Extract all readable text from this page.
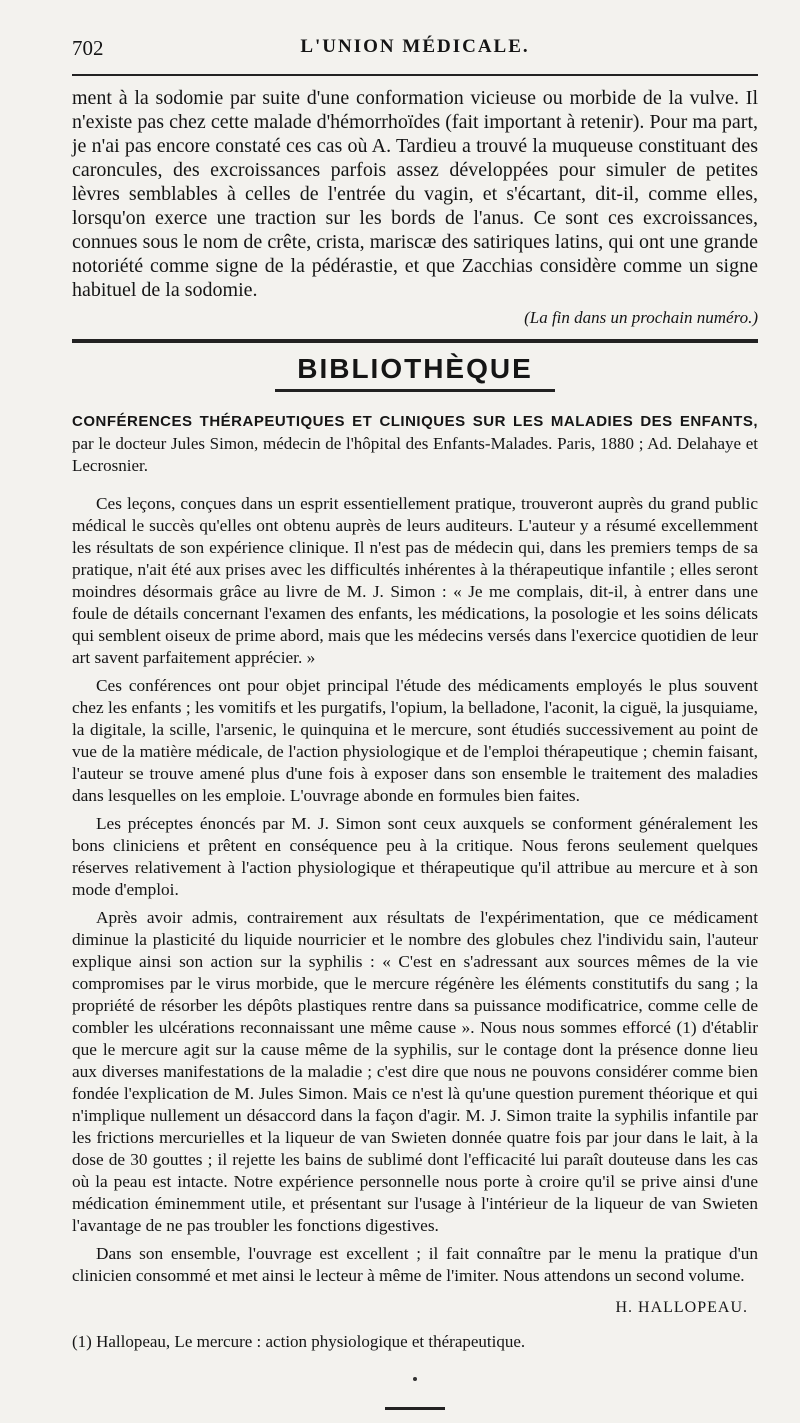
702	L'UNION MÉDICALE.

ment à la sodomie par suite d'une conformation vicieuse ou morbide de la vulve. Il n'existe pas chez cette malade d'hémorrhoïdes (fait important à retenir). Pour ma part, je n'ai pas encore constaté ces cas où A. Tardieu a trouvé la muqueuse constituant des caroncules, des excroissances parfois assez développées pour simuler de petites lèvres semblables à celles de l'entrée du vagin, et s'écartant, dit-il, comme elles, lorsqu'on exerce une traction sur les bords de l'anus. Ce sont ces excroissances, connues sous le nom de crête, crista, mariscæ des satiriques latins, qui ont une grande notoriété comme signe de la pédérastie, et que Zacchias considère comme un signe habituel de la sodomie.

(La fin dans un prochain numéro.)

BIBLIOTHÈQUE

CONFÉRENCES THÉRAPEUTIQUES ET CLINIQUES SUR LES MALADIES DES ENFANTS, par le docteur Jules Simon, médecin de l'hôpital des Enfants-Malades. Paris, 1880 ; Ad. Delahaye et Lecrosnier.

Ces leçons, conçues dans un esprit essentiellement pratique, trouveront auprès du grand public médical le succès qu'elles ont obtenu auprès de leurs auditeurs. L'auteur y a résumé excellemment les résultats de son expérience clinique. Il n'est pas de médecin qui, dans les premiers temps de sa pratique, n'ait été aux prises avec les difficultés inhérentes à la thérapeutique infantile ; elles seront moindres désormais grâce au livre de M. J. Simon : « Je me complais, dit-il, à entrer dans une foule de détails concernant l'examen des enfants, les médications, la posologie et les soins délicats qui semblent oiseux de prime abord, mais que les médecins versés dans l'exercice quotidien de leur art savent parfaitement apprécier. »

Ces conférences ont pour objet principal l'étude des médicaments employés le plus souvent chez les enfants ; les vomitifs et les purgatifs, l'opium, la belladone, l'aconit, la ciguë, la jusquiame, la digitale, la scille, l'arsenic, le quinquina et le mercure, sont étudiés successivement au point de vue de la matière médicale, de l'action physiologique et de l'emploi thérapeutique ; chemin faisant, l'auteur se trouve amené plus d'une fois à exposer dans son ensemble le traitement des maladies dans lesquelles on les emploie. L'ouvrage abonde en formules bien faites.

Les préceptes énoncés par M. J. Simon sont ceux auxquels se conforment généralement les bons cliniciens et prêtent en conséquence peu à la critique. Nous ferons seulement quelques réserves relativement à l'action physiologique et thérapeutique qu'il attribue au mercure et à son mode d'emploi.

Après avoir admis, contrairement aux résultats de l'expérimentation, que ce médicament diminue la plasticité du liquide nourricier et le nombre des globules chez l'individu sain, l'auteur explique ainsi son action sur la syphilis : « C'est en s'adressant aux sources mêmes de la vie compromises par le virus morbide, que le mercure régénère les éléments constitutifs du sang ; la propriété de résorber les dépôts plastiques rentre dans sa puissance modificatrice, comme celle de combler les ulcérations reconnaissant une même cause ». Nous nous sommes efforcé (1) d'établir que le mercure agit sur la cause même de la syphilis, sur le contage dont la présence donne lieu aux diverses manifestations de la maladie ; c'est dire que nous ne pouvons considérer comme bien fondée l'explication de M. Jules Simon. Mais ce n'est là qu'une question purement théorique et qui n'implique nullement un désaccord dans la façon d'agir. M. J. Simon traite la syphilis infantile par les frictions mercurielles et la liqueur de van Swieten donnée quatre fois par jour dans le lait, à la dose de 30 gouttes ; il rejette les bains de sublimé dont l'efficacité lui paraît douteuse dans les cas où la peau est intacte. Notre expérience personnelle nous porte à croire qu'il se prive ainsi d'une médication éminemment utile, et présentant sur l'usage à l'intérieur de la liqueur de van Swieten l'avantage de ne pas troubler les fonctions digestives.

Dans son ensemble, l'ouvrage est excellent ; il fait connaître par le menu la pratique d'un clinicien consommé et met ainsi le lecteur à même de l'imiter. Nous attendons un second volume.

H. HALLOPEAU.

(1) Hallopeau, Le mercure : action physiologique et thérapeutique.
